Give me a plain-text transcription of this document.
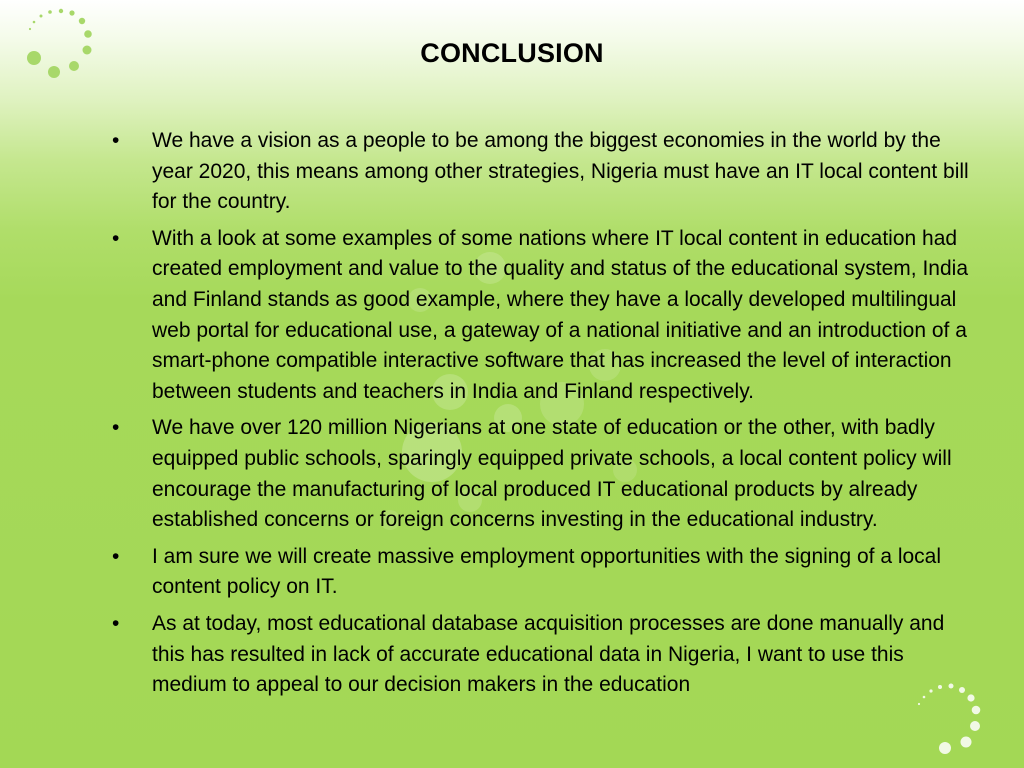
CONCLUSION
•	We have a vision as a people to be among the biggest economies in the world by the year 2020, this means among other strategies, Nigeria must have an IT local content bill for the country.
•	With a look at some examples of some nations where IT local content in education had created employment and value to the quality and status of the educational system, India and Finland stands as good example, where they have a locally developed multilingual web portal for educational use, a gateway of a national initiative and an introduction of a smart-phone compatible interactive software that has increased the level of interaction between students and teachers in India and Finland respectively.
•	We have over 120 million Nigerians at one state of education or the other, with badly equipped public schools, sparingly equipped private schools, a local content policy will encourage the manufacturing of local produced IT educational products by already established concerns or foreign concerns investing in the educational industry.
•	I am sure we will create massive employment opportunities with the signing of a local content policy on IT.
•	As at today, most educational database acquisition processes are done manually and this has resulted in lack of accurate educational data in Nigeria, I want to use this medium to appeal to our decision makers in the education
